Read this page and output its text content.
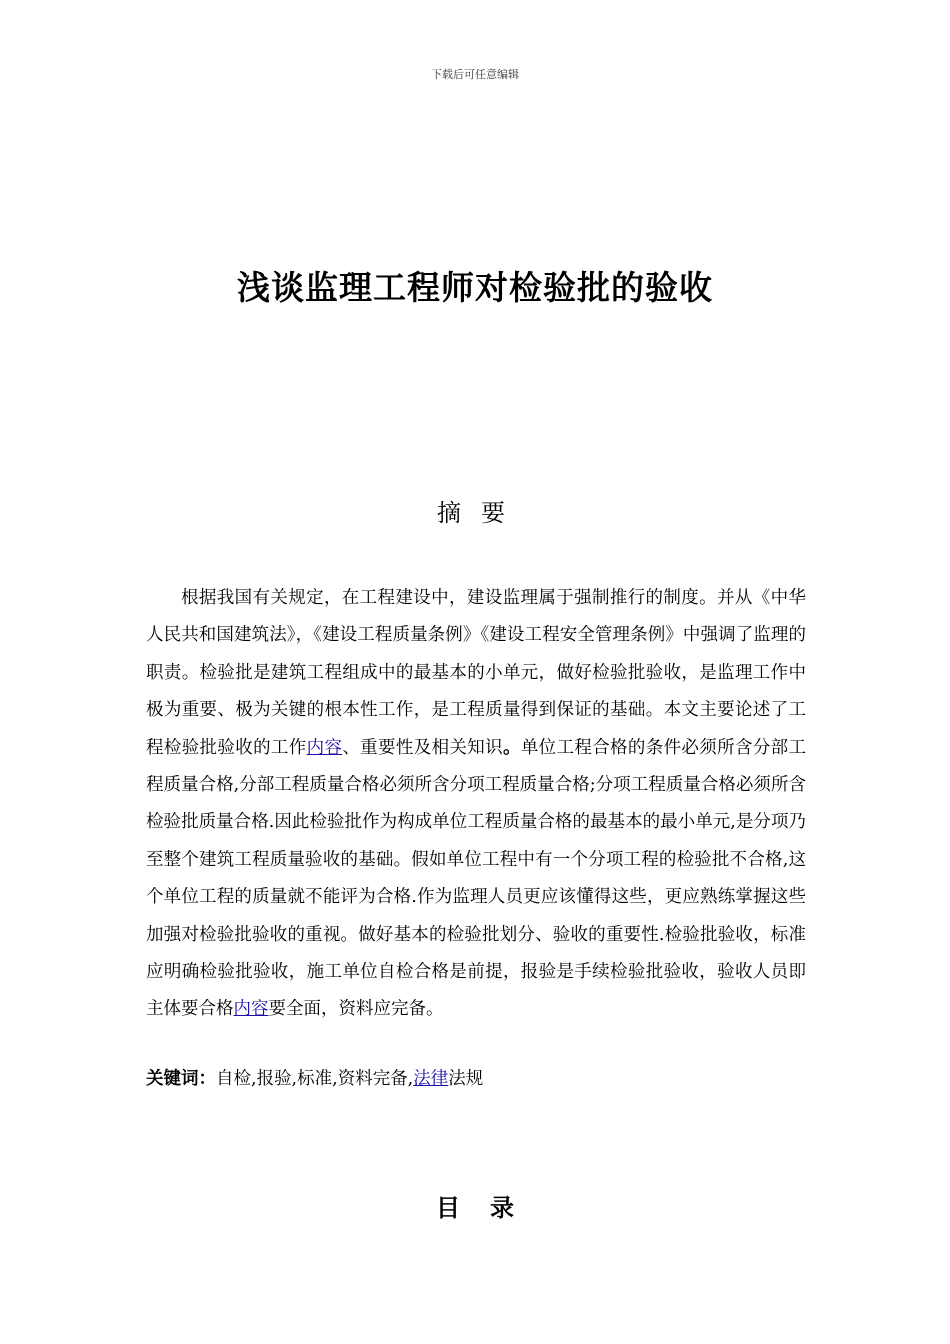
下载后可任意编辑
浅谈监理工程师对检验批的验收
摘要

根据我国有关规定，在工程建设中，建设监理属于强制推行的制度。并从《中华人民共和国建筑法》，《建设工程质量条例》《建设工程安全管理条例》中强调了监理的职责。检验批是建筑工程组成中的最基本的小单元，做好检验批验收，是监理工作中极为重要、极为关键的根本性工作，是工程质量得到保证的基础。本文主要论述了工程检验批验收的工作内容、重要性及相关知识。单位工程合格的条件必须所含分部工程质量合格,分部工程质量合格必须所含分项工程质量合格;分项工程质量合格必须所含检验批质量合格.因此检验批作为构成单位工程质量合格的最基本的最小单元,是分项乃至整个建筑工程质量验收的基础。假如单位工程中有一个分项工程的检验批不合格,这个单位工程的质量就不能评为合格.作为监理人员更应该懂得这些，更应熟练掌握这些加强对检验批验收的重视。做好基本的检验批划分、验收的重要性.检验批验收，标准应明确检验批验收，施工单位自检合格是前提，报验是手续检验批验收，验收人员即主体要合格内容要全面，资料应完备。

关键词：自检,报验,标准,资料完备,法律法规
目录
